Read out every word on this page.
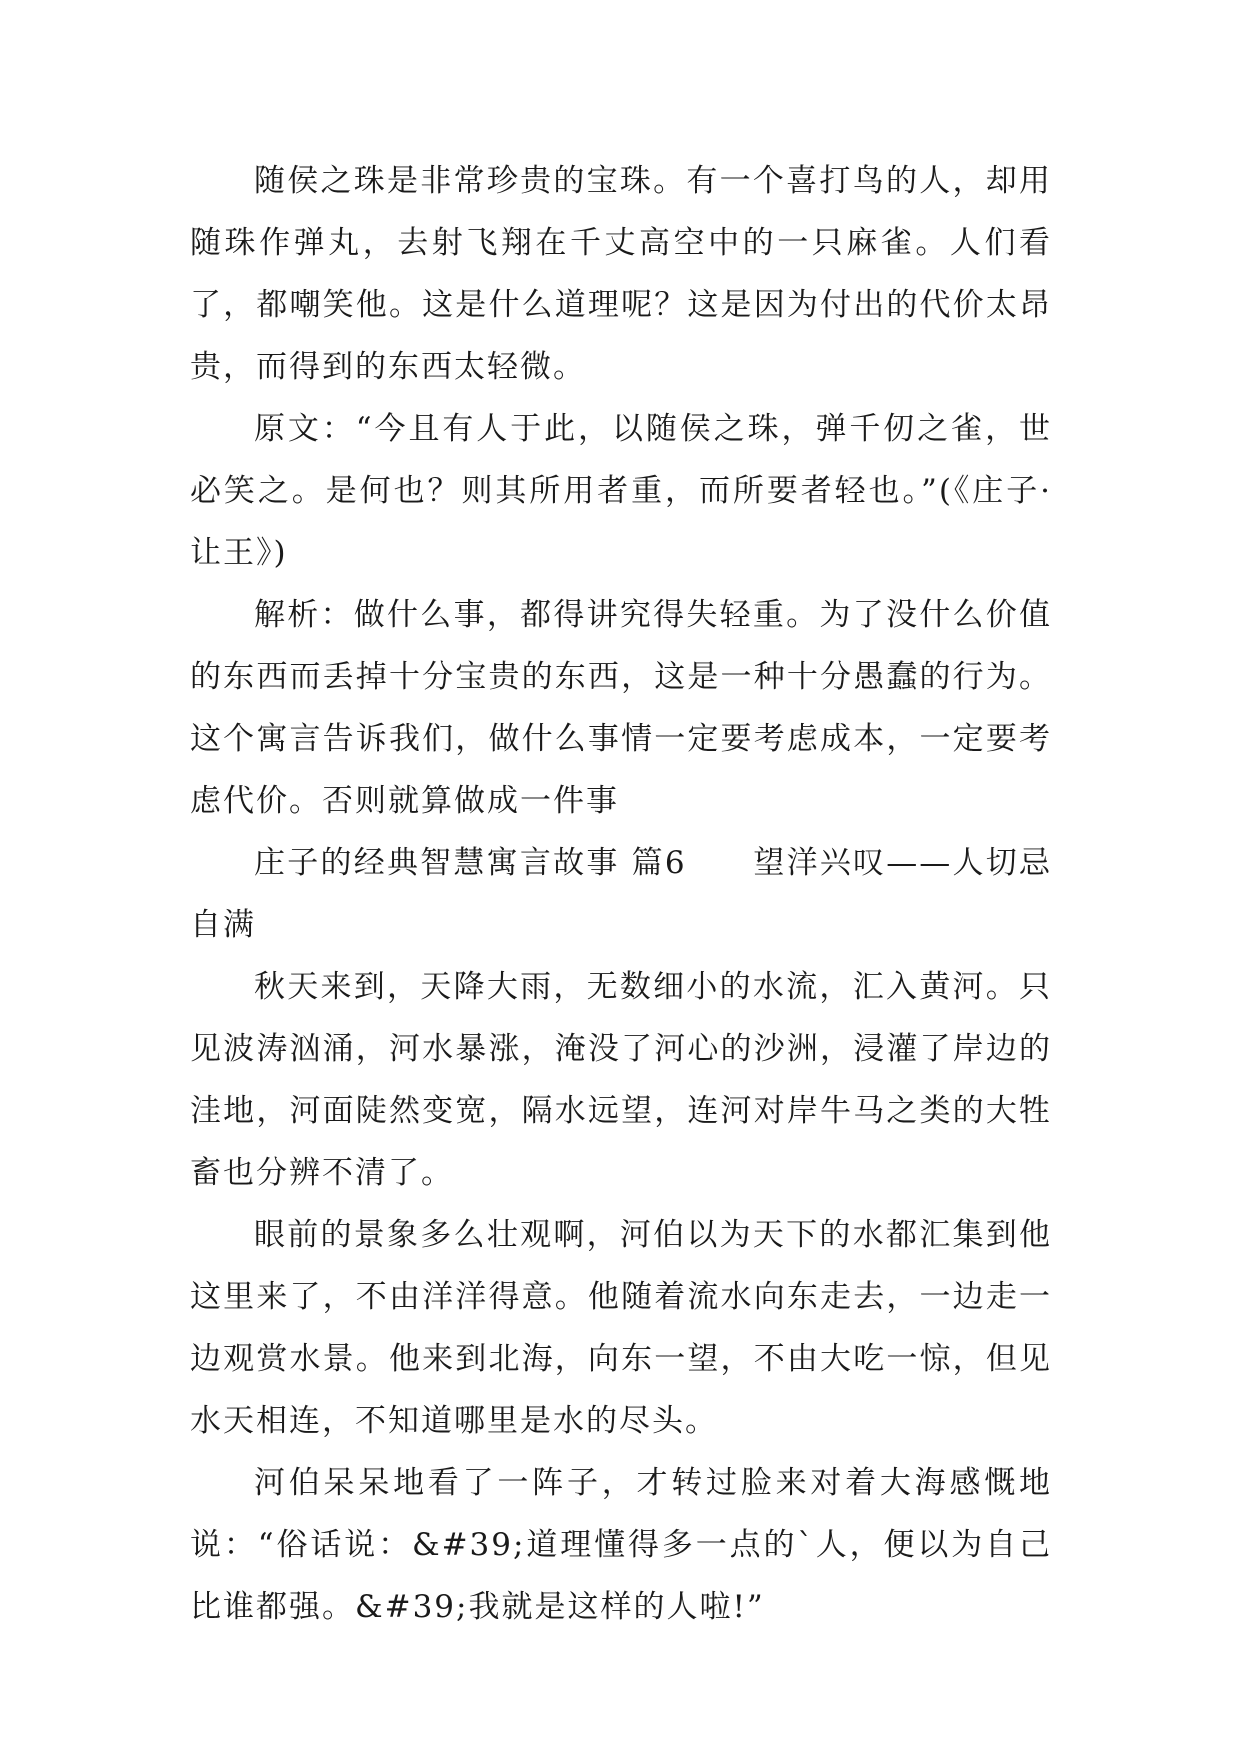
随侯之珠是非常珍贵的宝珠。有一个喜打鸟的人，却用随珠作弹丸，去射飞翔在千丈高空中的一只麻雀。人们看了，都嘲笑他。这是什么道理呢？这是因为付出的代价太昂贵，而得到的东西太轻微。

原文：“今且有人于此，以随侯之珠，弹千仞之雀，世必笑之。是何也？则其所用者重，而所要者轻也。”(《庄子·让王》)

解析：做什么事，都得讲究得失轻重。为了没什么价值的东西而丢掉十分宝贵的东西，这是一种十分愚蠢的行为。这个寓言告诉我们，做什么事情一定要考虑成本，一定要考虑代价。否则就算做成一件事

庄子的经典智慧寓言故事 篇6　　望洋兴叹——人切忌自满

秋天来到，天降大雨，无数细小的水流，汇入黄河。只见波涛汹涌，河水暴涨，淹没了河心的沙洲，浸灌了岸边的洼地，河面陡然变宽，隔水远望，连河对岸牛马之类的大牲畜也分辨不清了。

眼前的景象多么壮观啊，河伯以为天下的水都汇集到他这里来了，不由洋洋得意。他随着流水向东走去，一边走一边观赏水景。他来到北海，向东一望，不由大吃一惊，但见水天相连，不知道哪里是水的尽头。

河伯呆呆地看了一阵子，才转过脸来对着大海感慨地说：“俗话说：&#39;道理懂得多一点的`人，便以为自己比谁都强。&#39;我就是这样的人啦!”
